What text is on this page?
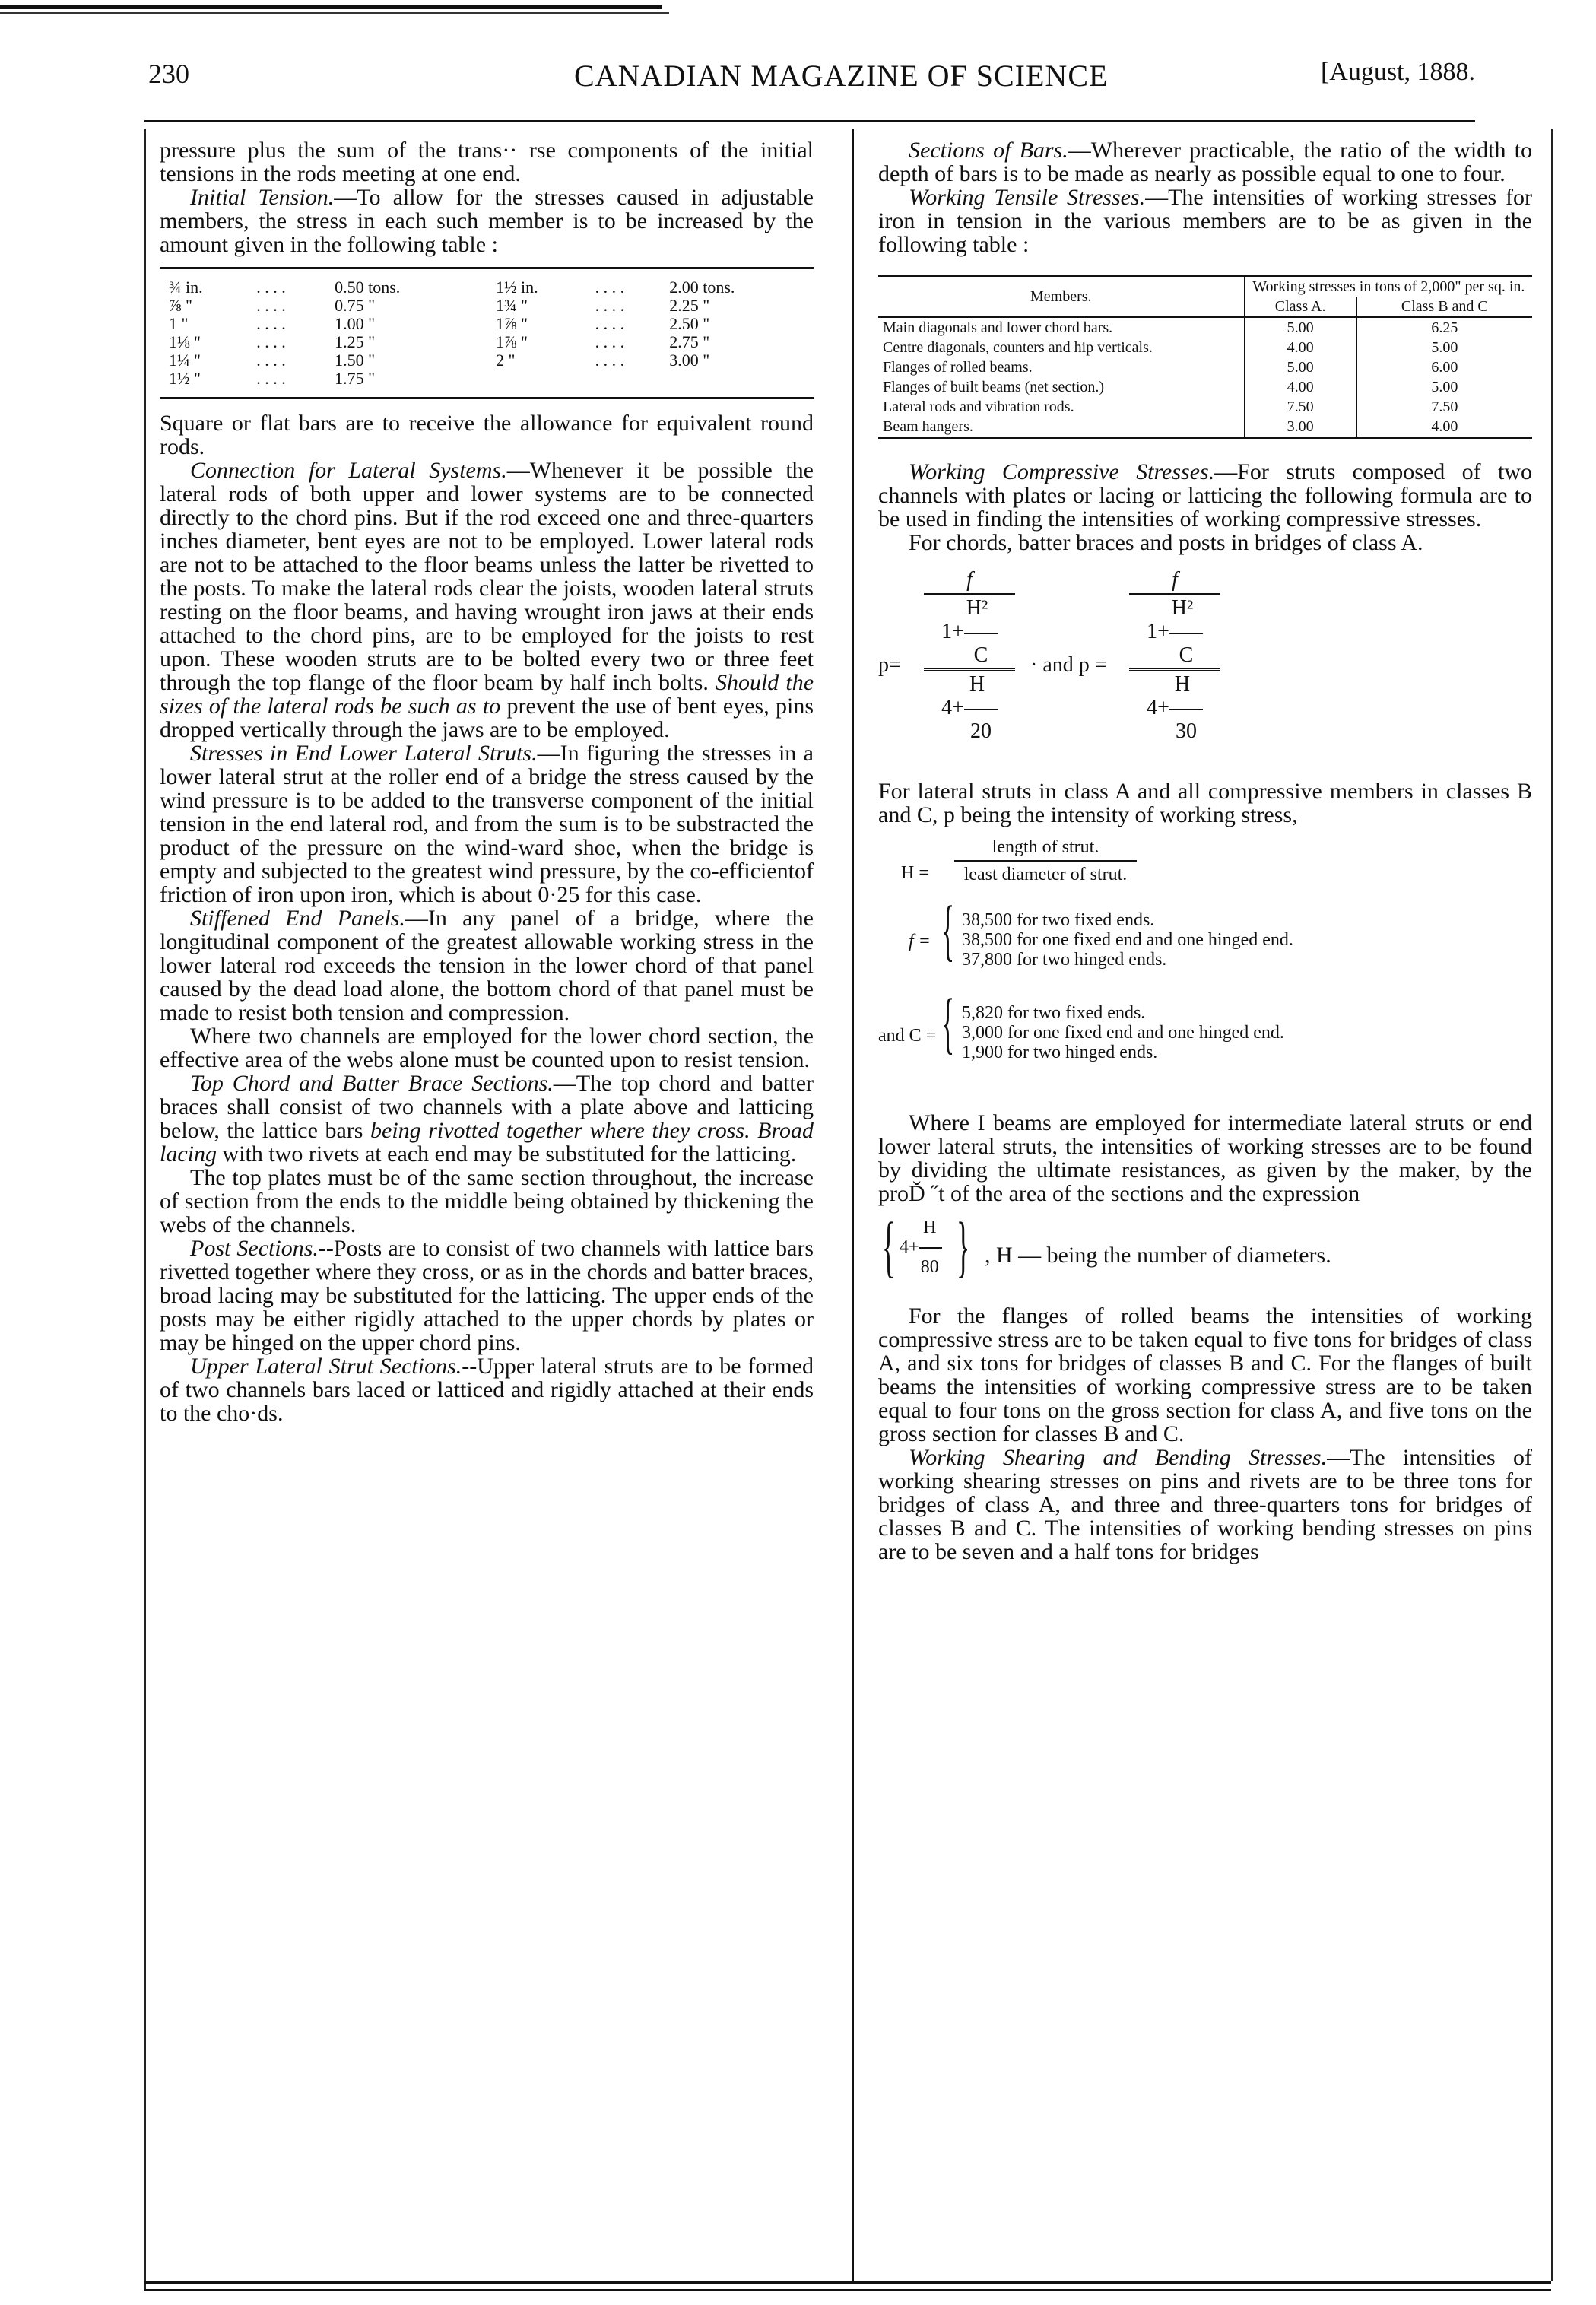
230	CANADIAN MAGAZINE OF SCIENCE	[August, 1888.

pressure plus the sum of the trans·· rse components of the initial tensions in the rods meeting at one end.

Initial Tension.—To allow for the stresses caused in adjustable members, the stress in each such member is to be increased by the amount given in the following table :

¾ in.	. . . .	0.50 tons.
⅞ "	. . . .	0.75 "
1 "	. . . .	1.00 "
1⅛ "	. . . .	1.25 "
1¼ "	. . . .	1.50 "
1½ "	. . . .	1.75 "

1½ in.	. . . .	2.00 tons.
1¾ "	. . . .	2.25 "
1⅞ "	. . . .	2.50 "
1⅞ "	. . . .	2.75 "
2 "	. . . .	3.00 "

Square or flat bars are to receive the allowance for equivalent round rods.

Connection for Lateral Systems.—Whenever it be possible the lateral rods of both upper and lower systems are to be connected directly to the chord pins. But if the rod exceed one and three-quarters inches diameter, bent eyes are not to be employed. Lower lateral rods are not to be attached to the floor beams unless the latter be rivetted to the posts. To make the lateral rods clear the joists, wooden lateral struts resting on the floor beams, and having wrought iron jaws at their ends attached to the chord pins, are to be employed for the joists to rest upon. These wooden struts are to be bolted every two or three feet through the top flange of the floor beam by half inch bolts. Should the sizes of the lateral rods be such as to prevent the use of bent eyes, pins dropped vertically through the jaws are to be employed.

Stresses in End Lower Lateral Struts.—In figuring the stresses in a lower lateral strut at the roller end of a bridge the stress caused by the wind pressure is to be added to the transverse component of the initial tension in the end lateral rod, and from the sum is to be substracted the product of the pressure on the wind-ward shoe, when the bridge is empty and subjected to the greatest wind pressure, by the co-efficientof friction of iron upon iron, which is about 0·25 for this case.

Stiffened End Panels.—In any panel of a bridge, where the longitudinal component of the greatest allowable working stress in the lower lateral rod exceeds the tension in the lower chord of that panel caused by the dead load alone, the bottom chord of that panel must be made to resist both tension and compression.

Where two channels are employed for the lower chord section, the effective area of the webs alone must be counted upon to resist tension.

Top Chord and Batter Brace Sections.—The top chord and batter braces shall consist of two channels with a plate above and latticing below, the lattice bars being rivotted together where they cross. Broad lacing with two rivets at each end may be substituted for the latticing.

The top plates must be of the same section throughout, the increase of section from the ends to the middle being obtained by thickening the webs of the channels.

Post Sections.--Posts are to consist of two channels with lattice bars rivetted together where they cross, or as in the chords and batter braces, broad lacing may be substituted for the latticing. The upper ends of the posts may be either rigidly attached to the upper chords by plates or may be hinged on the upper chord pins.

Upper Lateral Strut Sections.--Upper lateral struts are to be formed of two channels bars laced or latticed and rigidly attached at their ends to the cho·ds.

Sections of Bars.—Wherever practicable, the ratio of the width to depth of bars is to be made as nearly as possible equal to one to four.

Working Tensile Stresses.—The intensities of working stresses for iron in tension in the various members are to be as given in the following table :

Members.	Working stresses in tons of 2,000" per sq. in.	
	Class A.	Class B and C
Main diagonals and lower chord bars.	5.00	6.25
Centre diagonals, counters and hip verticals.	4.00	5.00
Flanges of rolled beams.	5.00	6.00
Flanges of built beams (net section.)	4.00	5.00
Lateral rods and vibration rods.	7.50	7.50
Beam hangers.	3.00	4.00

Working Compressive Stresses.—For struts composed of two channels with plates or lacing or latticing the following formula are to be used in finding the intensities of working compressive stresses.

For chords, batter braces and posts in bridges of class A.

p=
f
H²
1+
C
H
4+
20
· and p =
f
H²
1+
C
H
4+
30

For lateral struts in class A and all compressive members in classes B and C, p being the intensity of working stress,

H =
length of strut.
least diameter of strut.
f = { 38,500 for two fixed ends.
38,500 for one fixed end and one hinged end.
37,800 for two hinged ends.
and C = { 5,820 for two fixed ends.
3,000 for one fixed end and one hinged end.
1,900 for two hinged ends.

Where I beams are employed for intermediate lateral struts or end lower lateral struts, the intensities of working stresses are to be found by dividing the ultimate resistances, as given by the maker, by the proĎ ˝t of the area of the sections and the expression

{	H
4+
80 } , H — being the number of diameters.

For the flanges of rolled beams the intensities of working compressive stress are to be taken equal to five tons for bridges of class A, and six tons for bridges of classes B and C. For the flanges of built beams the intensities of working compressive stress are to be taken equal to four tons on the gross section for class A, and five tons on the gross section for classes B and C.

Working Shearing and Bending Stresses.—The intensities of working shearing stresses on pins and rivets are to be three tons for bridges of class A, and three and three-quarters tons for bridges of classes B and C. The intensities of working bending stresses on pins are to be seven and a half tons for bridges
